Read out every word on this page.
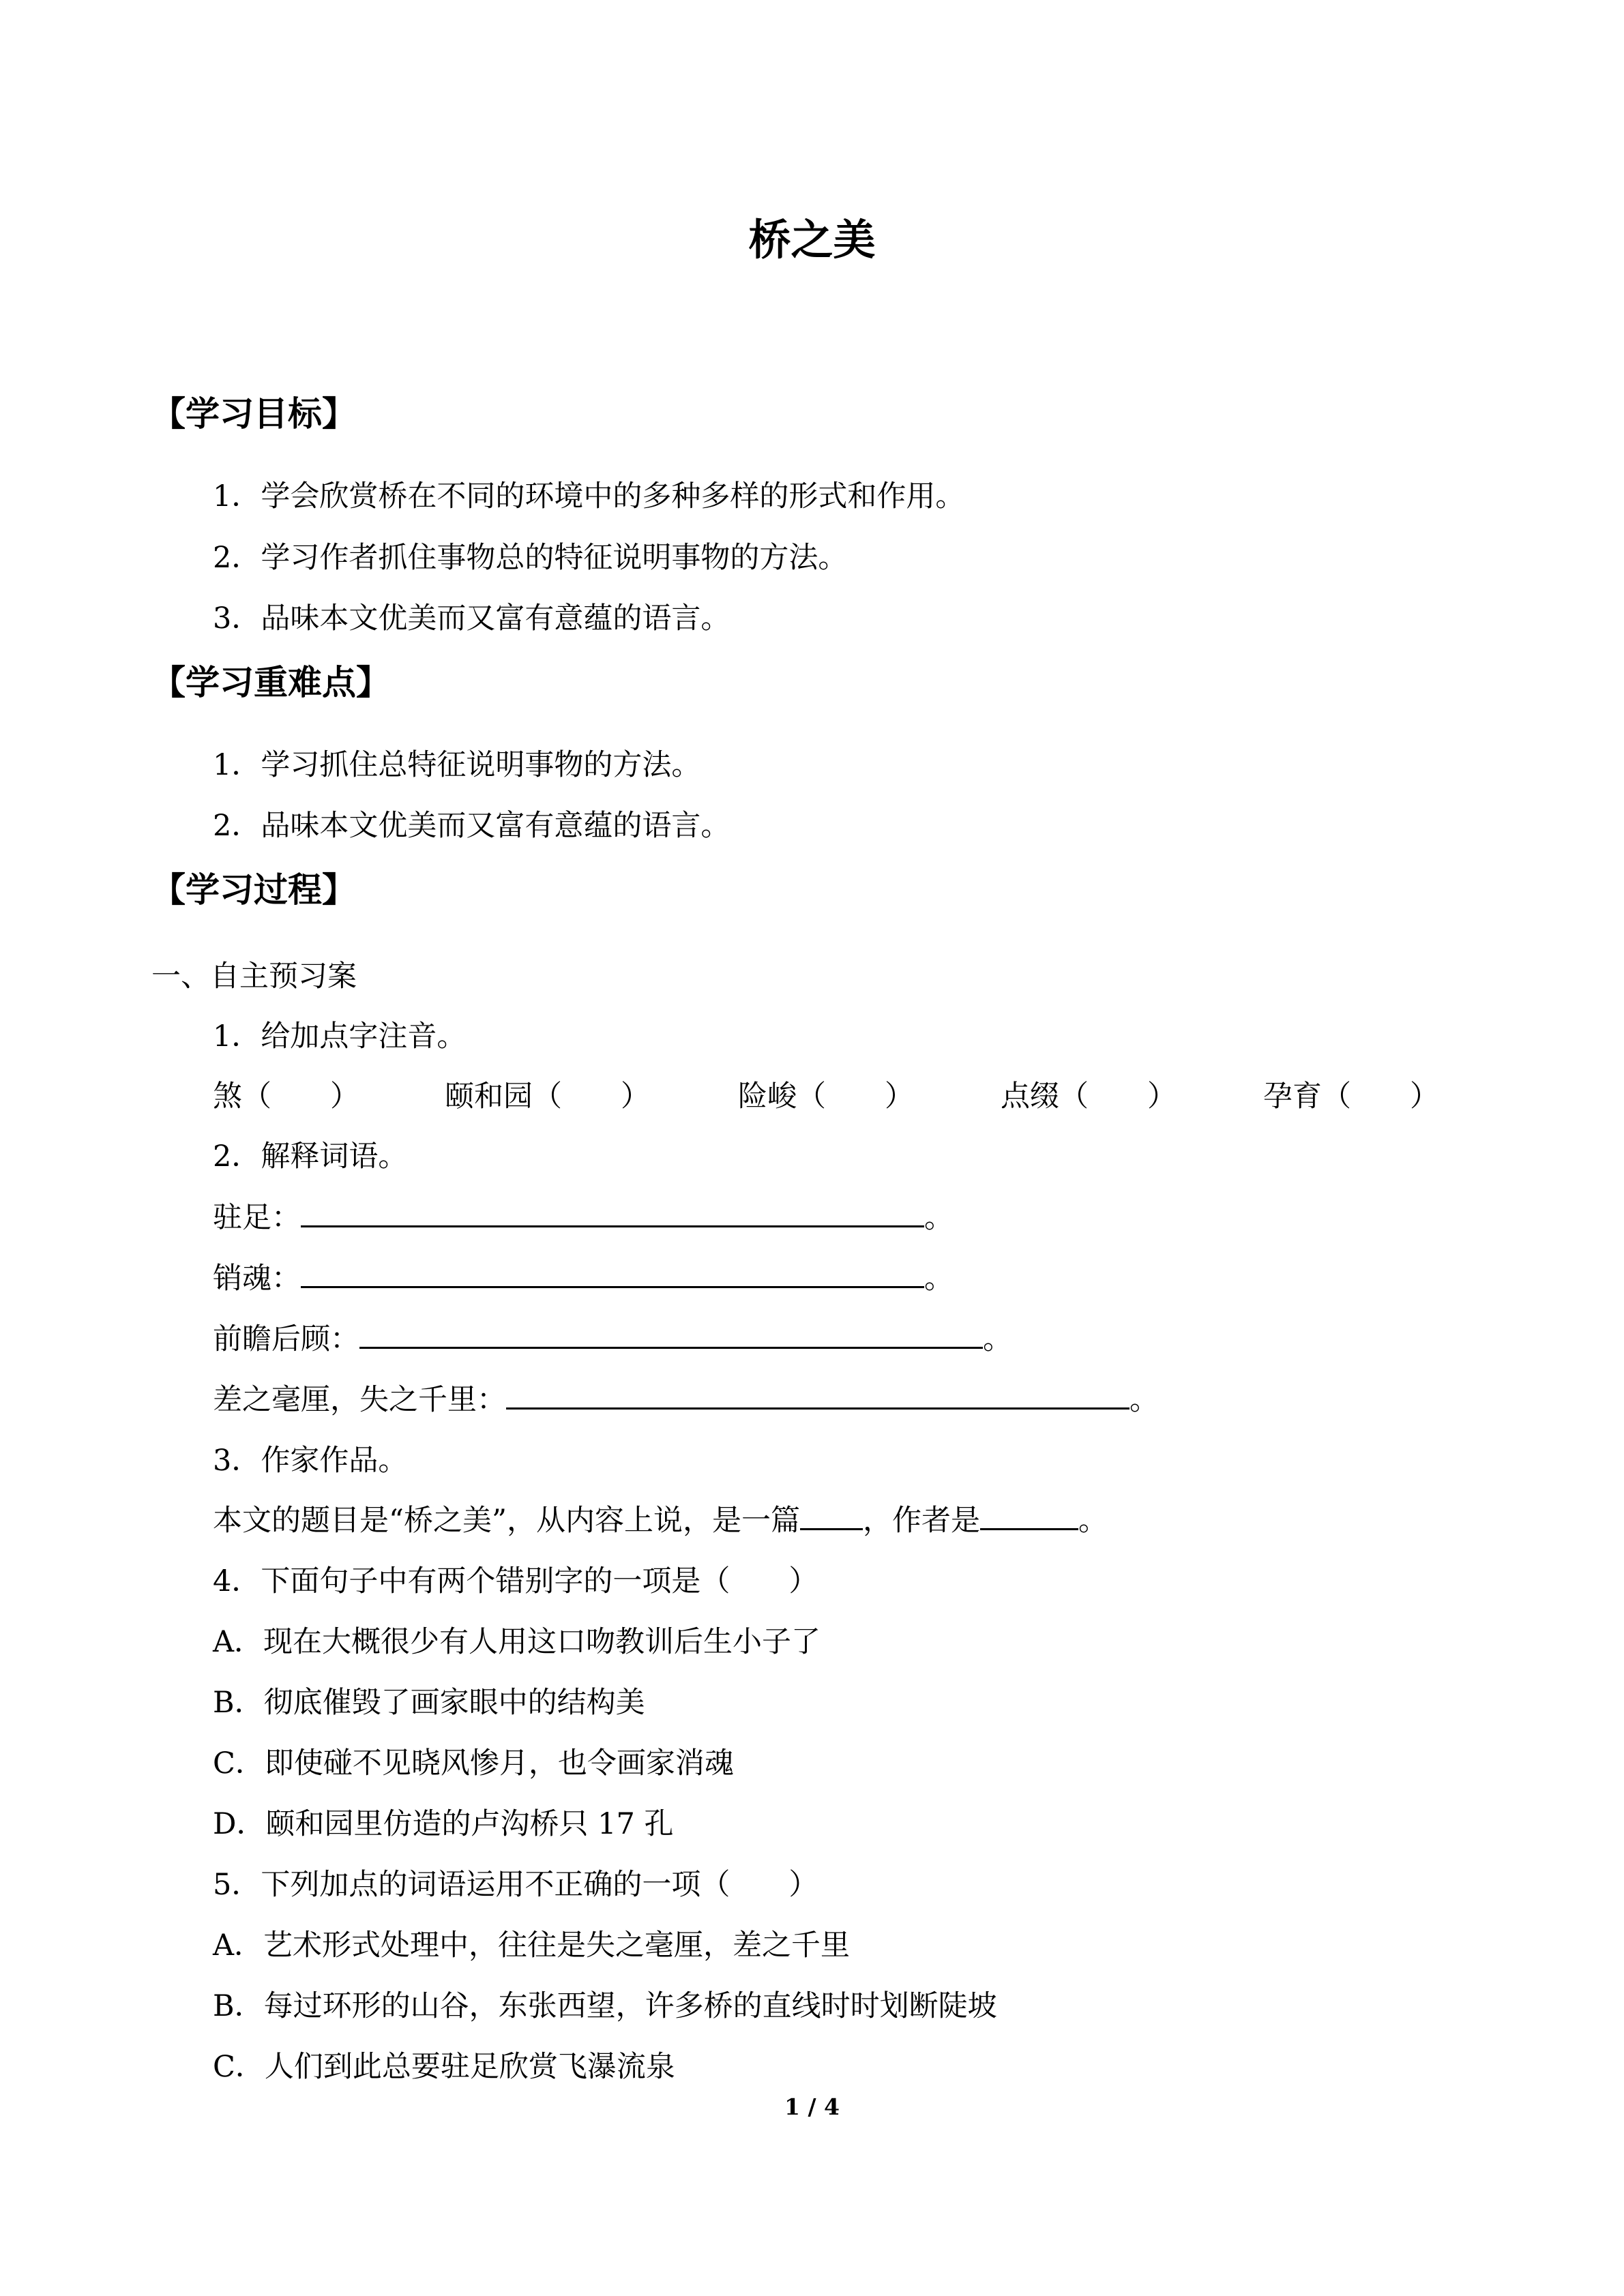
桥之美
【学习目标】
1．学会欣赏桥在不同的环境中的多种多样的形式和作用。
2．学习作者抓住事物总的特征说明事物的方法。
3．品味本文优美而又富有意蕴的语言。
【学习重难点】
1．学习抓住总特征说明事物的方法。
2．品味本文优美而又富有意蕴的语言。
【学习过程】
一、自主预习案
1．给加点字注音。
煞（　　）	颐和园（　　）	险峻（　　）	点缀（　　）	孕育（　　）
2．解释词语。
驻足：	。
销魂：	。
前瞻后顾：	。
差之毫厘，失之千里：	。
3．作家作品。
本文的题目是“桥之美”，从内容上说，是一篇 ，作者是	。
4．下面句子中有两个错别字的一项是（　　）
A．现在大概很少有人用这口吻教训后生小子了
B．彻底催毁了画家眼中的结构美
C．即使碰不见晓风惨月，也令画家消魂
D．颐和园里仿造的卢沟桥只 17 孔
5．下列加点的词语运用不正确的一项（　　）
A．艺术形式处理中，往往是失之毫厘，差之千里
B．每过环形的山谷，东张西望，许多桥的直线时时划断陡坡
C．人们到此总要驻足欣赏飞瀑流泉
1 / 4
